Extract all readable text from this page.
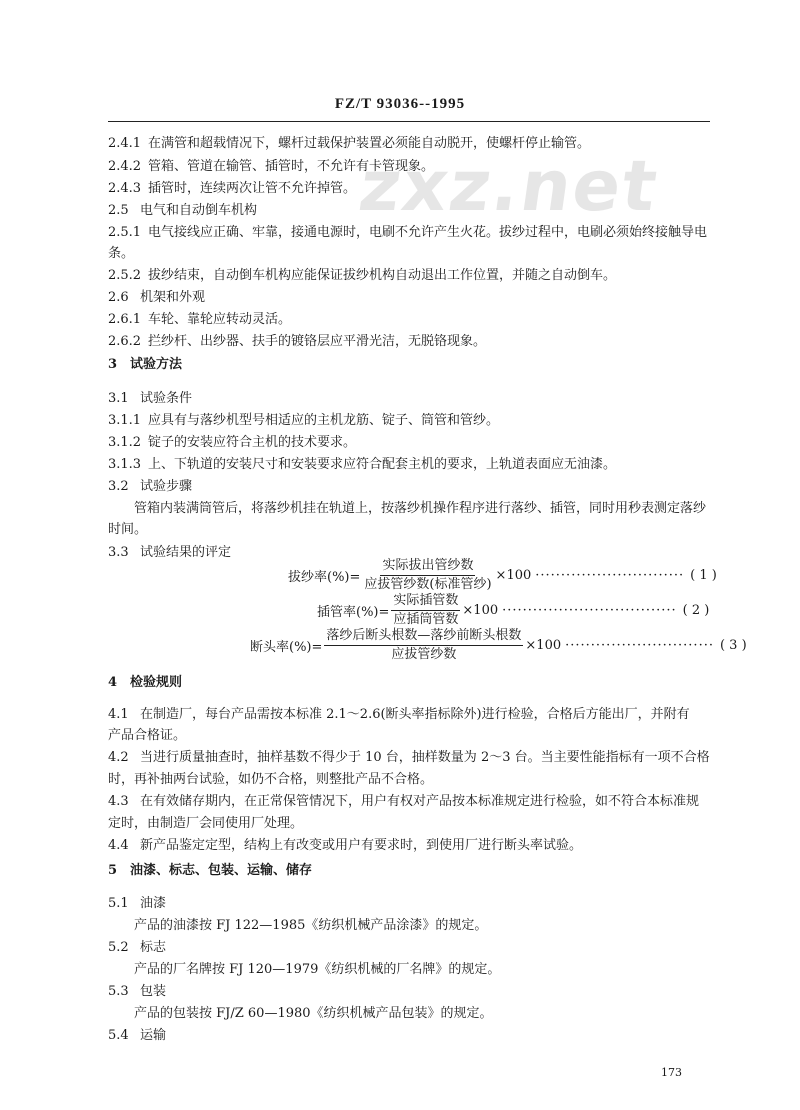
zxz.net
FZ/T 93036--1995
2.4.1 在满管和超载情况下，螺杆过载保护装置必须能自动脱开，使螺杆停止输管。
2.4.2 管箱、管道在输管、插管时，不允许有卡管现象。
2.4.3 插管时，连续两次让管不允许掉管。
2.5 电气和自动倒车机构
2.5.1 电气接线应正确、牢靠，接通电源时，电刷不允许产生火花。拔纱过程中，电刷必须始终接触导电
条。
2.5.2 拔纱结束，自动倒车机构应能保证拔纱机构自动退出工作位置，并随之自动倒车。
2.6 机架和外观
2.6.1 车轮、靠轮应转动灵活。
2.6.2 拦纱杆、出纱器、扶手的镀铬层应平滑光洁，无脱铬现象。
3 试验方法
3.1 试验条件
3.1.1 应具有与落纱机型号相适应的主机龙筋、锭子、筒管和管纱。
3.1.2 锭子的安装应符合主机的技术要求。
3.1.3 上、下轨道的安装尺寸和安装要求应符合配套主机的要求，上轨道表面应无油漆。
3.2 试验步骤
管箱内装满筒管后，将落纱机挂在轨道上，按落纱机操作程序进行落纱、插管，同时用秒表测定落纱
时间。
3.3 试验结果的评定
拔纱率(%)= $\frac{\text{实际拔出管纱数}}{\text{应拔管纱数(标准管纱)}} \times 100$ ····························· ( 1 )
插管率(%)= $\frac{\text{实际插管数}}{\text{应插筒管数}} \times 100$ ·································· ( 2 )
断头率(%)= $\frac{\text{落纱后断头根数—落纱前断头根数}}{\text{应拔管纱数}} \times 100$ ····························· ( 3 )
4 检验规则
4.1 在制造厂，每台产品需按本标准 2.1～2.6(断头率指标除外)进行检验，合格后方能出厂，并附有
产品合格证。
4.2 当进行质量抽查时，抽样基数不得少于 10 台，抽样数量为 2～3 台。当主要性能指标有一项不合格
时，再补抽两台试验，如仍不合格，则整批产品不合格。
4.3 在有效储存期内，在正常保管情况下，用户有权对产品按本标准规定进行检验，如不符合本标准规
定时，由制造厂会同使用厂处理。
4.4 新产品鉴定定型，结构上有改变或用户有要求时，到使用厂进行断头率试验。
5 油漆、标志、包装、运输、储存
5.1 油漆
产品的油漆按 FJ 122—1985《纺织机械产品涂漆》的规定。
5.2 标志
产品的厂名牌按 FJ 120—1979《纺织机械的厂名牌》的规定。
5.3 包装
产品的包装按 FJ/Z 60—1980《纺织机械产品包装》的规定。
5.4 运输
173
